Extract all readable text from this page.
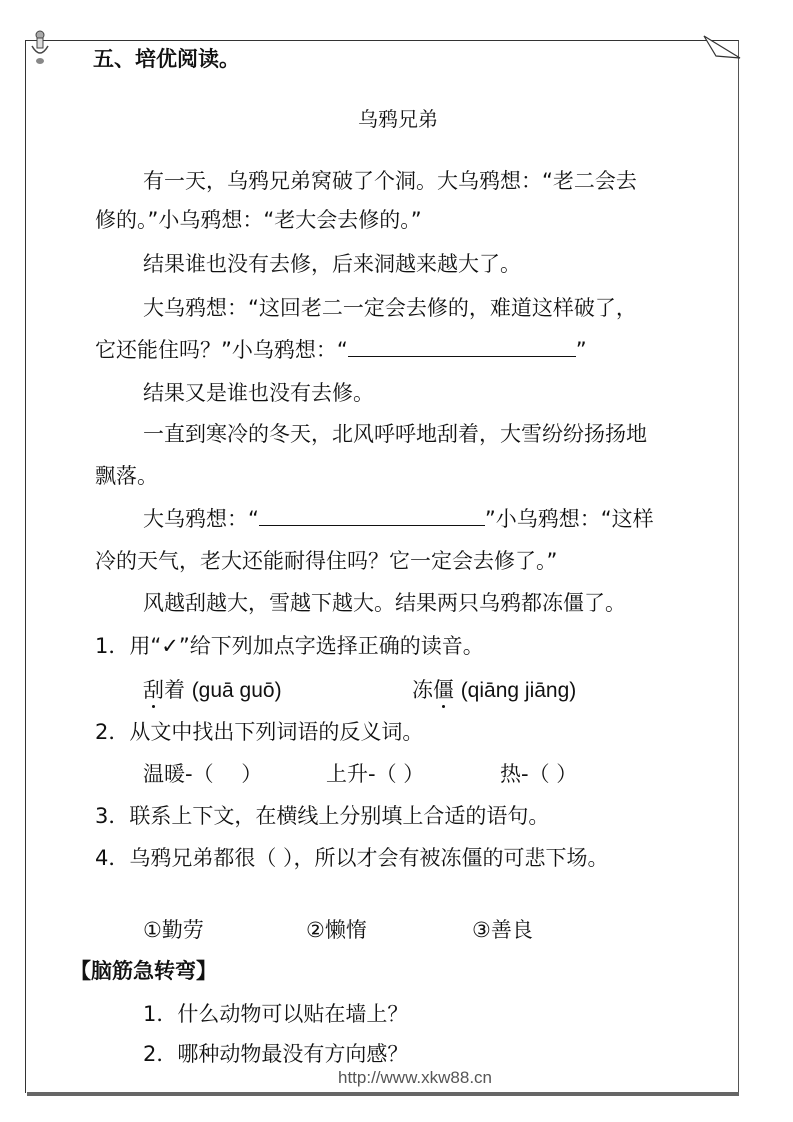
五、培优阅读。
乌鸦兄弟
有一天，乌鸦兄弟窝破了个洞。大乌鸦想：“老二会去
修的。”小乌鸦想：“老大会去修的。”
结果谁也没有去修，后来洞越来越大了。
大乌鸦想：“这回老二一定会去修的，难道这样破了，
它还能住吗？”小乌鸦想：“	”
结果又是谁也没有去修。
一直到寒冷的冬天，北风呼呼地刮着，大雪纷纷扬扬地
飘落。
大乌鸦想：“	”小乌鸦想：“这样
冷的天气，老大还能耐得住吗？它一定会去修了。”
风越刮越大，雪越下越大。结果两只乌鸦都冻僵了。
1．用“✓”给下列加点字选择正确的读音。
刮着 (guā guō)	冻僵 (qiāng jiāng)
2．从文中找出下列词语的反义词。
温暖-（　 ）	上升-（ ）	热-（ ）
3．联系上下文，在横线上分别填上合适的语句。
4．乌鸦兄弟都很（ ），所以才会有被冻僵的可悲下场。
①勤劳	②懒惰	③善良
【脑筋急转弯】
1．什么动物可以贴在墙上？
2．哪种动物最没有方向感？
http://www.xkw88.cn
